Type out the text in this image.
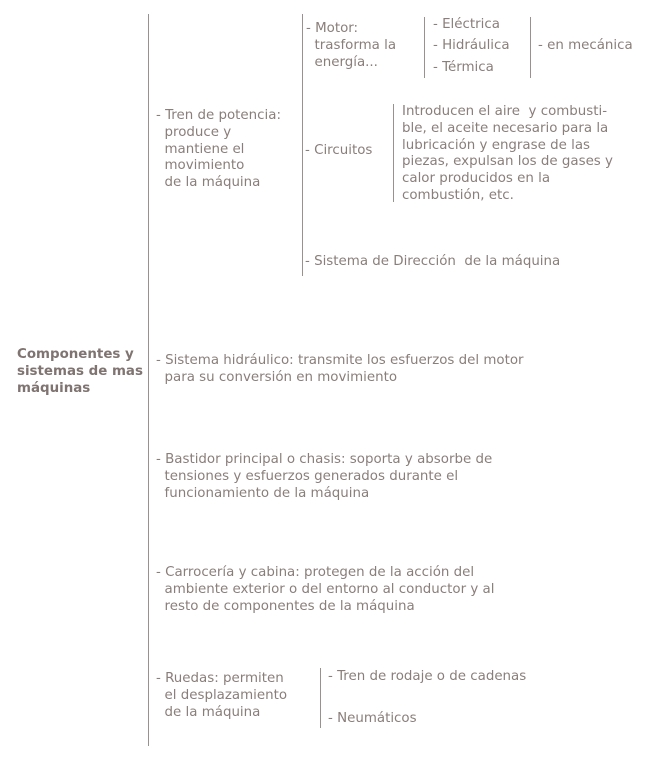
Componentes y
sistemas de mas
máquinas
- Tren de potencia:
produce y
mantiene el
movimiento
de la máquina
- Motor:
trasforma la
energía...
- Eléctrica
- Hidráulica
- Térmica
- en mecánica
- Circuitos
Introducen el aire  y combusti-
ble, el aceite necesario para la
lubricación y engrase de las
piezas, expulsan los de gases y
calor producidos en la
combustión, etc.
- Sistema de Dirección  de la máquina
- Sistema hidráulico: transmite los esfuerzos del motor
para su conversión en movimiento
- Bastidor principal o chasis: soporta y absorbe de
tensiones y esfuerzos generados durante el
funcionamiento de la máquina
- Carrocería y cabina: protegen de la acción del
ambiente exterior o del entorno al conductor y al
resto de componentes de la máquina
- Ruedas: permiten
el desplazamiento
de la máquina
- Tren de rodaje o de cadenas
- Neumáticos
